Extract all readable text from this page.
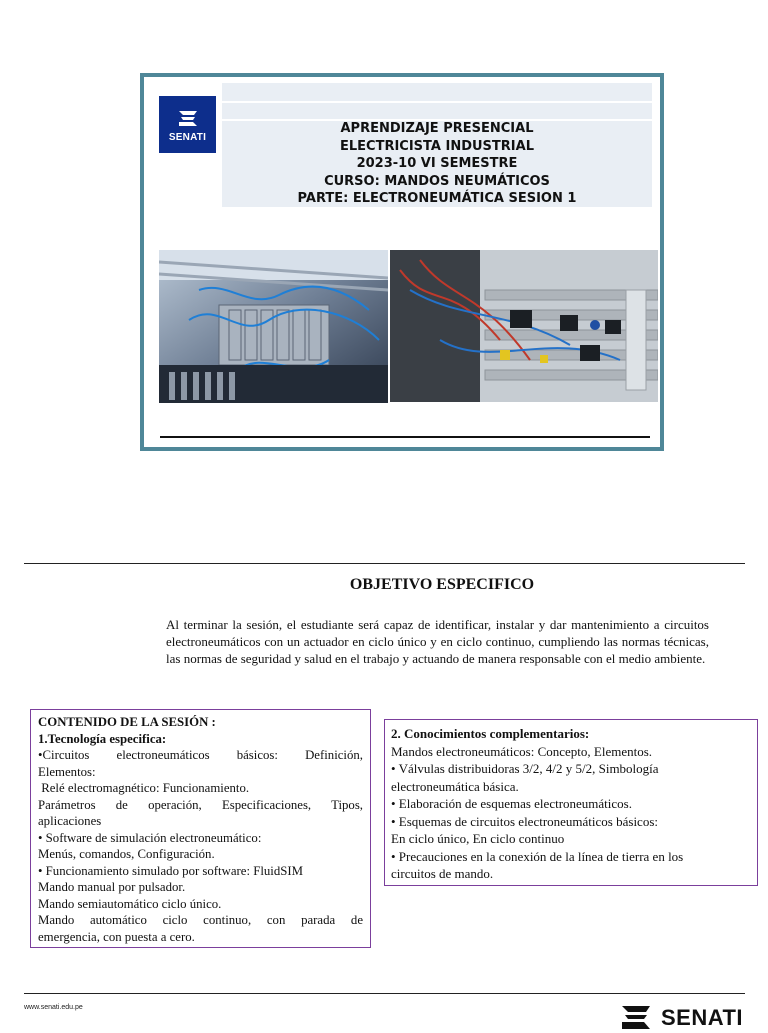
SENATI
APRENDIZAJE PRESENCIAL
ELECTRICISTA INDUSTRIAL
2023-10 VI SEMESTRE
CURSO: MANDOS NEUMÁTICOS
PARTE: ELECTRONEUMÁTICA SESION 1
OBJETIVO ESPECIFICO
Al terminar la sesión, el estudiante será capaz de identificar, instalar y dar mantenimiento a circuitos electroneumáticos con un actuador en ciclo único y en ciclo continuo, cumpliendo las normas técnicas, las normas de seguridad y salud en el trabajo y actuando de manera responsable con el medio ambiente.
CONTENIDO DE LA SESIÓN :
1.Tecnología especifica:
•Circuitos electroneumáticos básicos: Definición,
Elementos:
Relé electromagnético: Funcionamiento.
Parámetros de operación, Especificaciones, Tipos,
aplicaciones
• Software de simulación electroneumático:
Menús, comandos, Configuración.
• Funcionamiento simulado por software: FluidSIM
Mando manual por pulsador.
Mando semiautomático ciclo único.
Mando automático ciclo continuo, con parada de
emergencia, con puesta a cero.
2. Conocimientos complementarios:
Mandos electroneumáticos: Concepto, Elementos.
• Válvulas distribuidoras 3/2, 4/2 y 5/2, Simbología
electroneumática básica.
• Elaboración de esquemas electroneumáticos.
• Esquemas de circuitos electroneumáticos básicos:
En ciclo único, En ciclo continuo
• Precauciones en la conexión de la línea de tierra en los
circuitos de mando.
www.senati.edu.pe	SENATI
